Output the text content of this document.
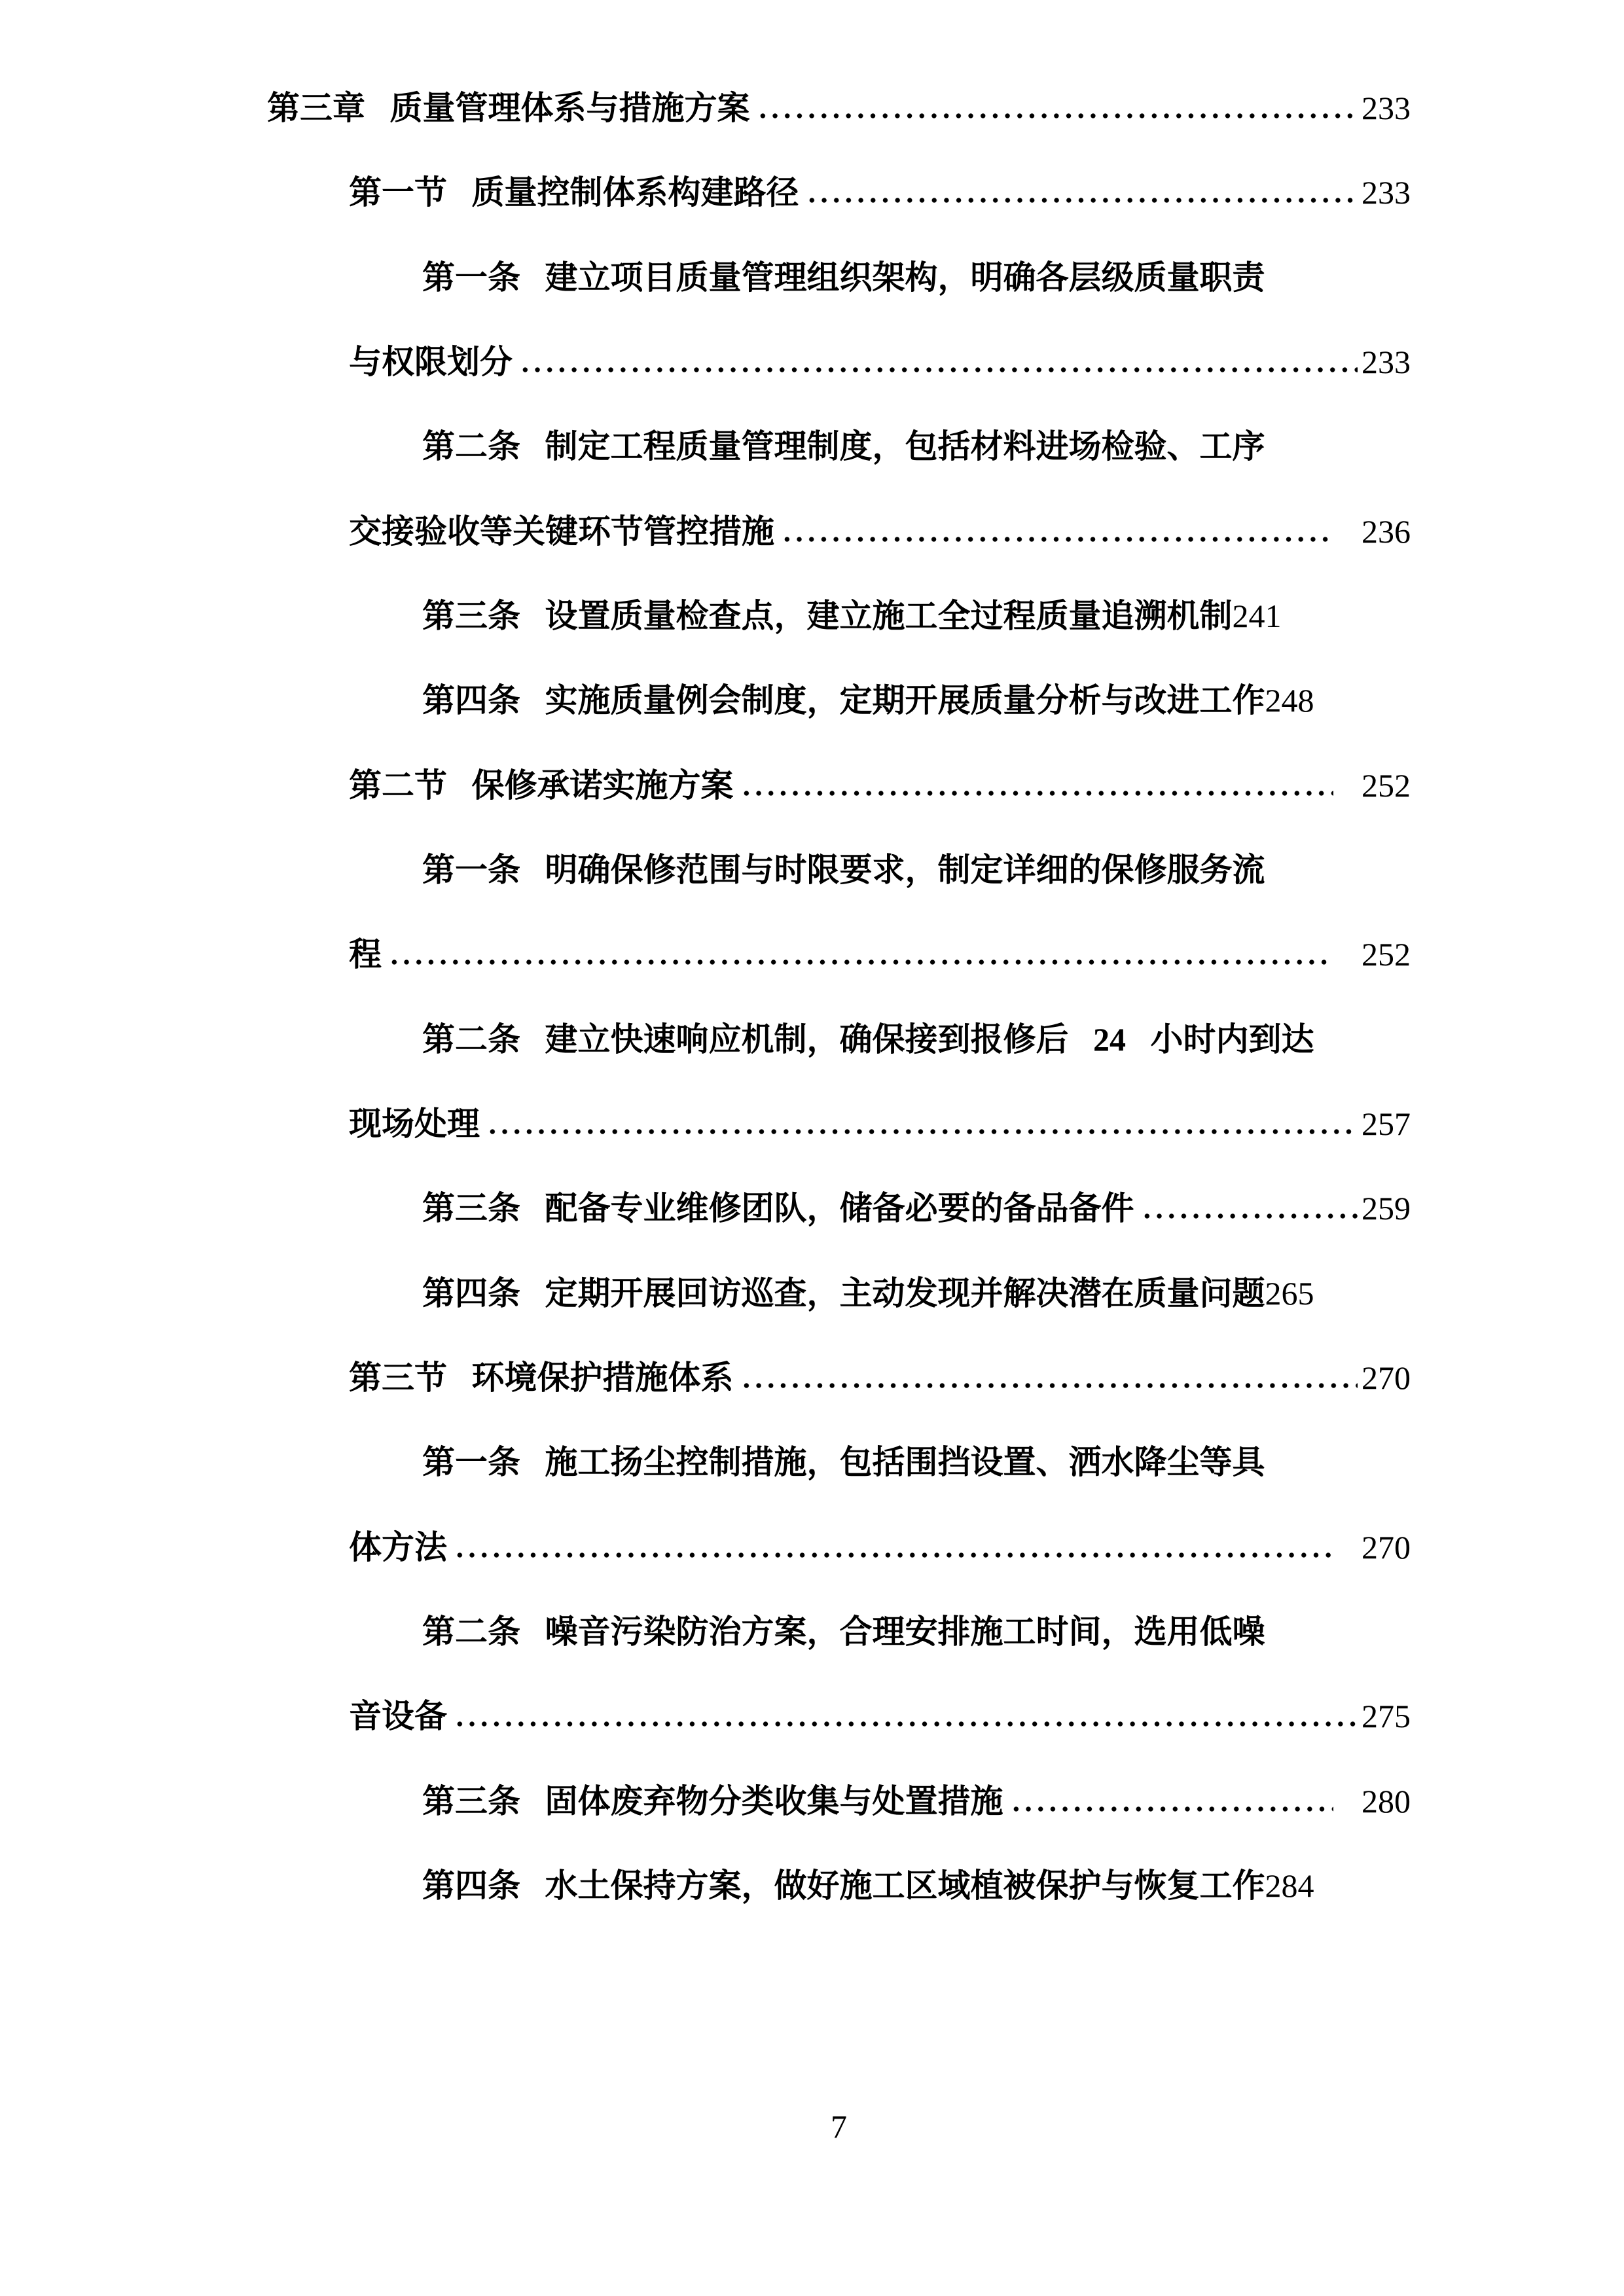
第三章 质量管理体系与措施方案	233
第一节 质量控制体系构建路径	233
第一条 建立项目质量管理组织架构，明确各层级质量职责
与权限划分	233
第二条 制定工程质量管理制度，包括材料进场检验、工序
交接验收等关键环节管控措施	236
第三条 设置质量检查点，建立施工全过程质量追溯机制 241
第四条 实施质量例会制度，定期开展质量分析与改进工作 248
第二节 保修承诺实施方案	252
第一条 明确保修范围与时限要求，制定详细的保修服务流
程	252
第二条 建立快速响应机制，确保接到报修后 24 小时内到达
现场处理	257
第三条 配备专业维修团队，储备必要的备品备件	259
第四条 定期开展回访巡查，主动发现并解决潜在质量问题 265
第三节 环境保护措施体系	270
第一条 施工扬尘控制措施，包括围挡设置、洒水降尘等具
体方法	270
第二条 噪音污染防治方案，合理安排施工时间，选用低噪
音设备	275
第三条 固体废弃物分类收集与处置措施	280
第四条 水土保持方案，做好施工区域植被保护与恢复工作 284
7
